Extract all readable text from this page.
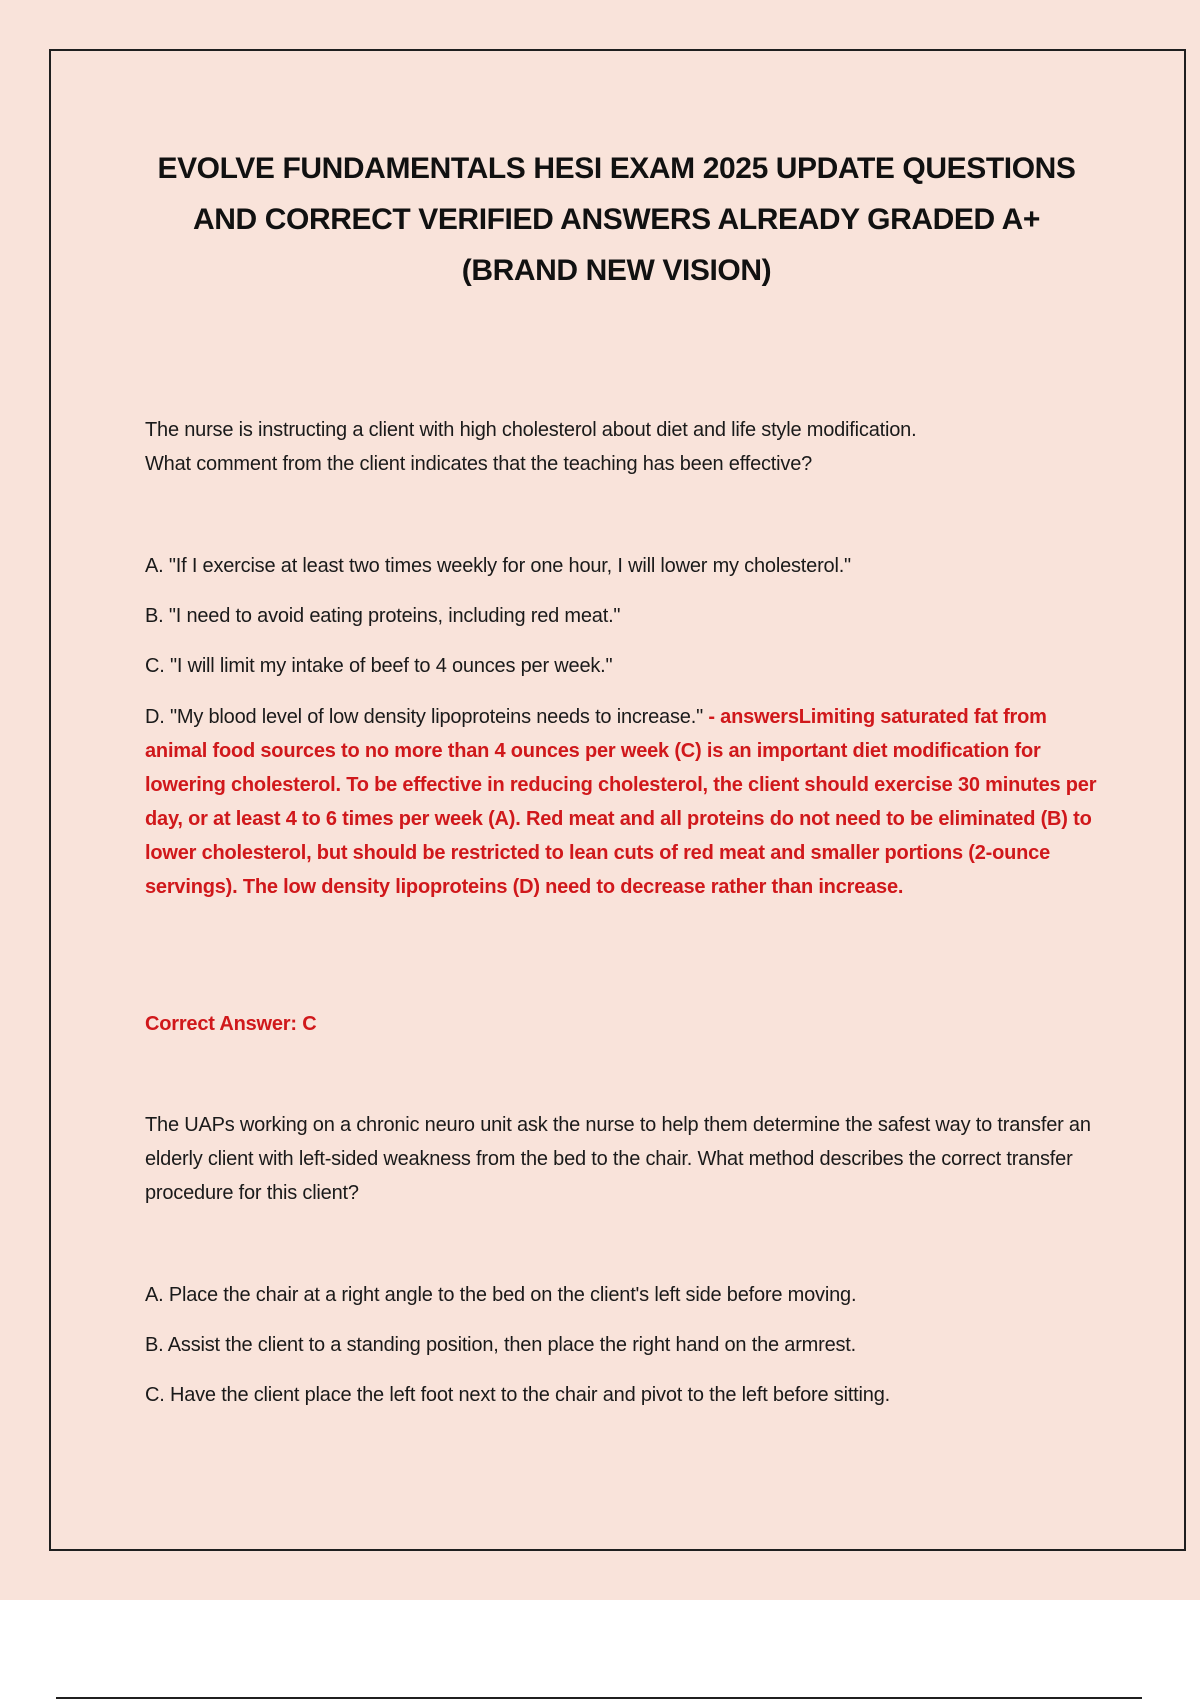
EVOLVE FUNDAMENTALS HESI EXAM 2025 UPDATE QUESTIONS
AND CORRECT VERIFIED ANSWERS ALREADY GRADED A+
(BRAND NEW VISION)
The nurse is instructing a client with high cholesterol about diet and life style modification.
What comment from the client indicates that the teaching has been effective?
A. "If I exercise at least two times weekly for one hour, I will lower my cholesterol."
B. "I need to avoid eating proteins, including red meat."
C. "I will limit my intake of beef to 4 ounces per week."
D. "My blood level of low density lipoproteins needs to increase." - answersLimiting saturated fat from animal food sources to no more than 4 ounces per week (C) is an important diet modification for lowering cholesterol. To be effective in reducing cholesterol, the client should exercise 30 minutes per day, or at least 4 to 6 times per week (A). Red meat and all proteins do not need to be eliminated (B) to lower cholesterol, but should be restricted to lean cuts of red meat and smaller portions (2-ounce servings). The low density lipoproteins (D) need to decrease rather than increase.
Correct Answer: C
The UAPs working on a chronic neuro unit ask the nurse to help them determine the safest way to transfer an elderly client with left-sided weakness from the bed to the chair. What method describes the correct transfer procedure for this client?
A. Place the chair at a right angle to the bed on the client's left side before moving.
B. Assist the client to a standing position, then place the right hand on the armrest.
C. Have the client place the left foot next to the chair and pivot to the left before sitting.
